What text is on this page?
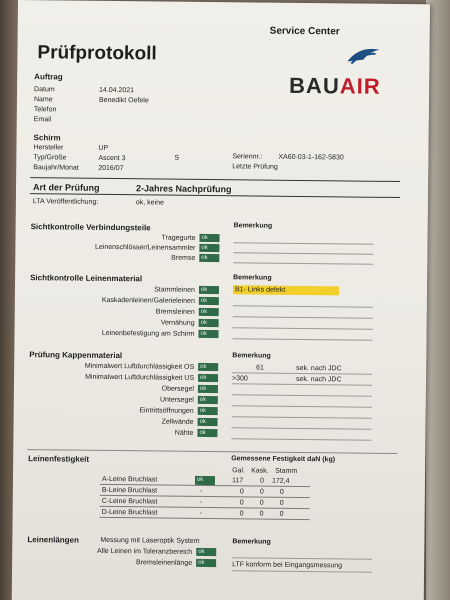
Service Center
Prüfprotokoll
BAUAIR
Auftrag
Datum	14.04.2021
Name	Benedikt Oefele
Telefon
Email
Schirm
Hersteller	UP
Typ/Größe	Ascent 3	S	Seriennr.: XA60-03-1-162-5830
Baujahr/Monat	2016/07	Letzte Prüfung
Art der Prüfung	2-Jahres Nachprüfung
LTA Veröffentlichung:	ok, keine
Sichtkontrolle Verbindungsteile	Bemerkung
Tragegurte ok
Leinenschlösser/Leinensammler ok
Bremse ok
Sichtkontrolle Leinenmaterial	Bemerkung
Stammleinen ok	B1- Links defekt
Kaskadenleinen/Galerieleinen ok
Bremsleinen ok
Vernähung ok
Leinenbefestigung am Schirm ok
Prüfung Kappenmaterial	Bemerkung
Minimalwert Luftdurchlässigkeit OS ok	61	sek. nach JDC
Minimalwert Luftdurchlässigkeit US ok	>300	sek. nach JDC
Obersegel ok
Untersegel ok
Eintrittsöffnungen ok
Zellwände ok
Nähte ok
Leinenfestigkeit	Gemessene Festigkeit daN (kg)
Gal. Kask. Stamm
A-Leine Bruchlast	ok	117 0 172,4
B-Leine Bruchlast	-	0 0 0
C-Leine Bruchlast	-	0 0 0
D-Leine Bruchlast	-	0 0 0
Leinenlängen	Messung mit Laseroptik System	Bemerkung
Alle Leinen im Toleranzbereich ok
Bremsleinenlänge ok	LTF konform bei Eingangsmessung
